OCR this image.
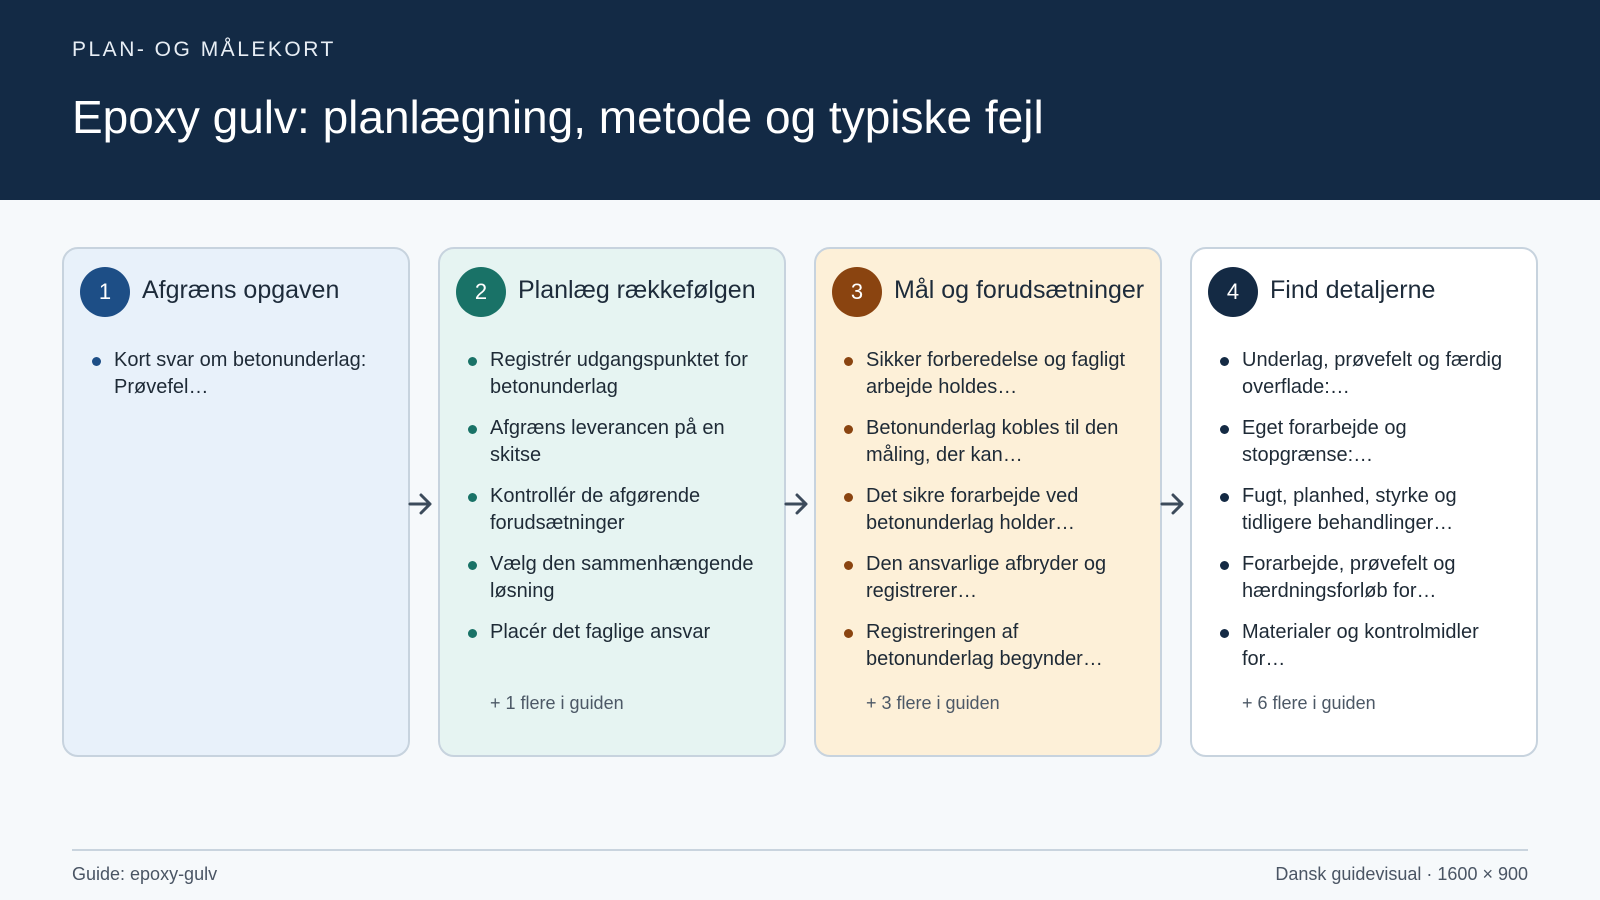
PLAN- OG MÅLEKORT
Epoxy gulv: planlægning, metode og typiske fejl
1	Afgræns opgaven
Kort svar om betonunderlag: Prøvefel…
2	Planlæg rækkefølgen
Registrér udgangspunktet for betonunderlag
Afgræns leverancen på en skitse
Kontrollér de afgørende forudsætninger
Vælg den sammenhængende løsning
Placér det faglige ansvar
+ 1 flere i guiden
3	Mål og forudsætninger
Sikker forberedelse og fagligt arbejde holdes…
Betonunderlag kobles til den måling, der kan…
Det sikre forarbejde ved betonunderlag holder…
Den ansvarlige afbryder og registrerer…
Registreringen af betonunderlag begynder…
+ 3 flere i guiden
4	Find detaljerne
Underlag, prøvefelt og færdig overflade:…
Eget forarbejde og stopgrænse:…
Fugt, planhed, styrke og tidligere behandlinger…
Forarbejde, prøvefelt og hærdningsforløb for…
Materialer og kontrolmidler for…
+ 6 flere i guiden
Guide: epoxy-gulv	Dansk guidevisual · 1600 × 900
